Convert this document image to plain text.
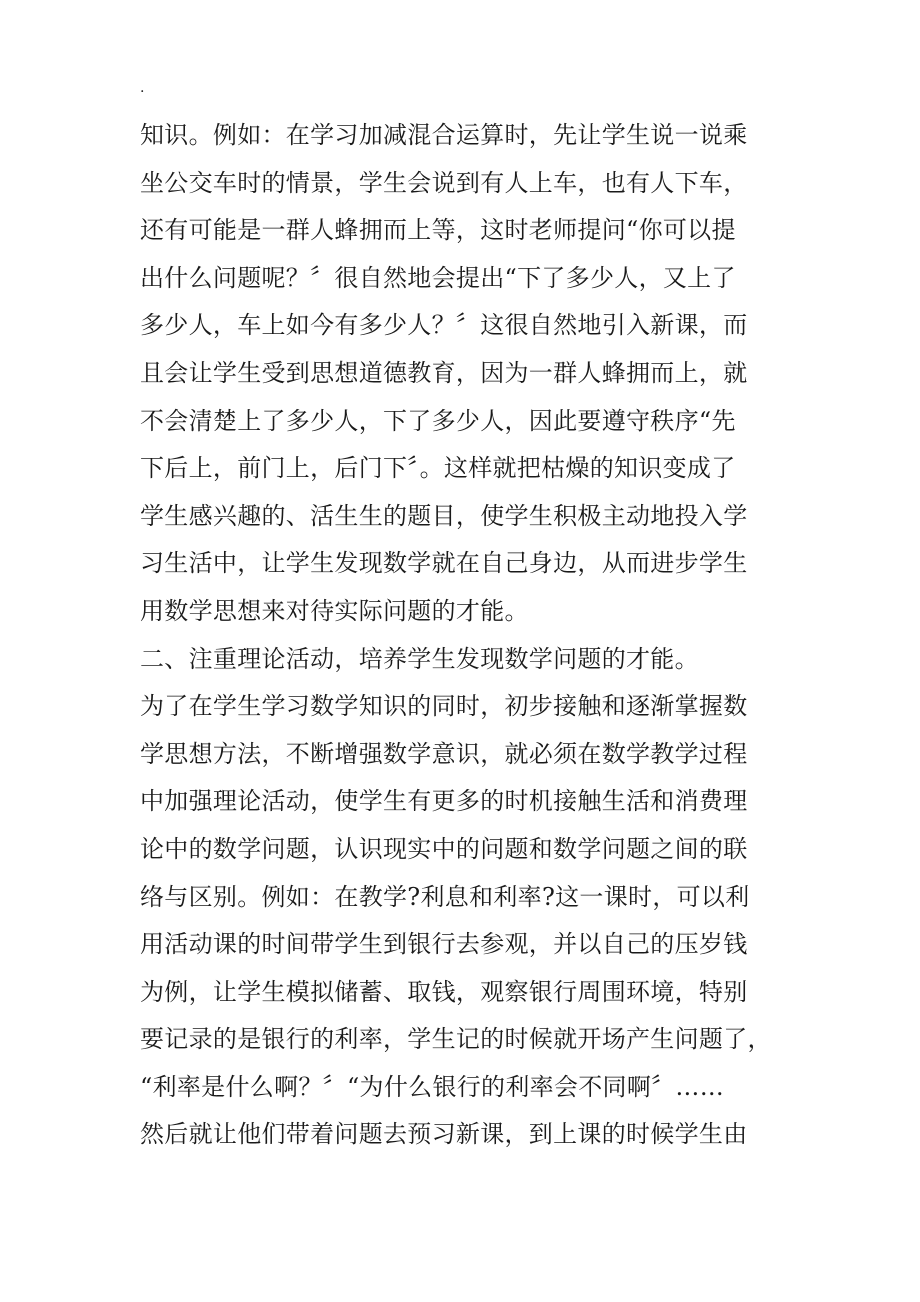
.
知识。例如：在学习加减混合运算时，先让学生说一说乘
坐公交车时的情景，学生会说到有人上车，也有人下车，
还有可能是一群人蜂拥而上等，这时老师提问“你可以提
出什么问题呢？〞很自然地会提出“下了多少人，又上了
多少人，车上如今有多少人？〞这很自然地引入新课，而
且会让学生受到思想道德教育，因为一群人蜂拥而上，就
不会清楚上了多少人，下了多少人，因此要遵守秩序“先
下后上，前门上，后门下〞。这样就把枯燥的知识变成了
学生感兴趣的、活生生的题目，使学生积极主动地投入学
习生活中，让学生发现数学就在自己身边，从而进步学生
用数学思想来对待实际问题的才能。
二、注重理论活动，培养学生发现数学问题的才能。
为了在学生学习数学知识的同时，初步接触和逐渐掌握数
学思想方法，不断增强数学意识，就必须在数学教学过程
中加强理论活动，使学生有更多的时机接触生活和消费理
论中的数学问题，认识现实中的问题和数学问题之间的联
络与区别。例如：在教学?利息和利率?这一课时，可以利
用活动课的时间带学生到银行去参观，并以自己的压岁钱
为例，让学生模拟储蓄、取钱，观察银行周围环境，特别
要记录的是银行的利率，学生记的时候就开场产生问题了，
“利率是什么啊？〞“为什么银行的利率会不同啊〞……
然后就让他们带着问题去预习新课，到上课的时候学生由
